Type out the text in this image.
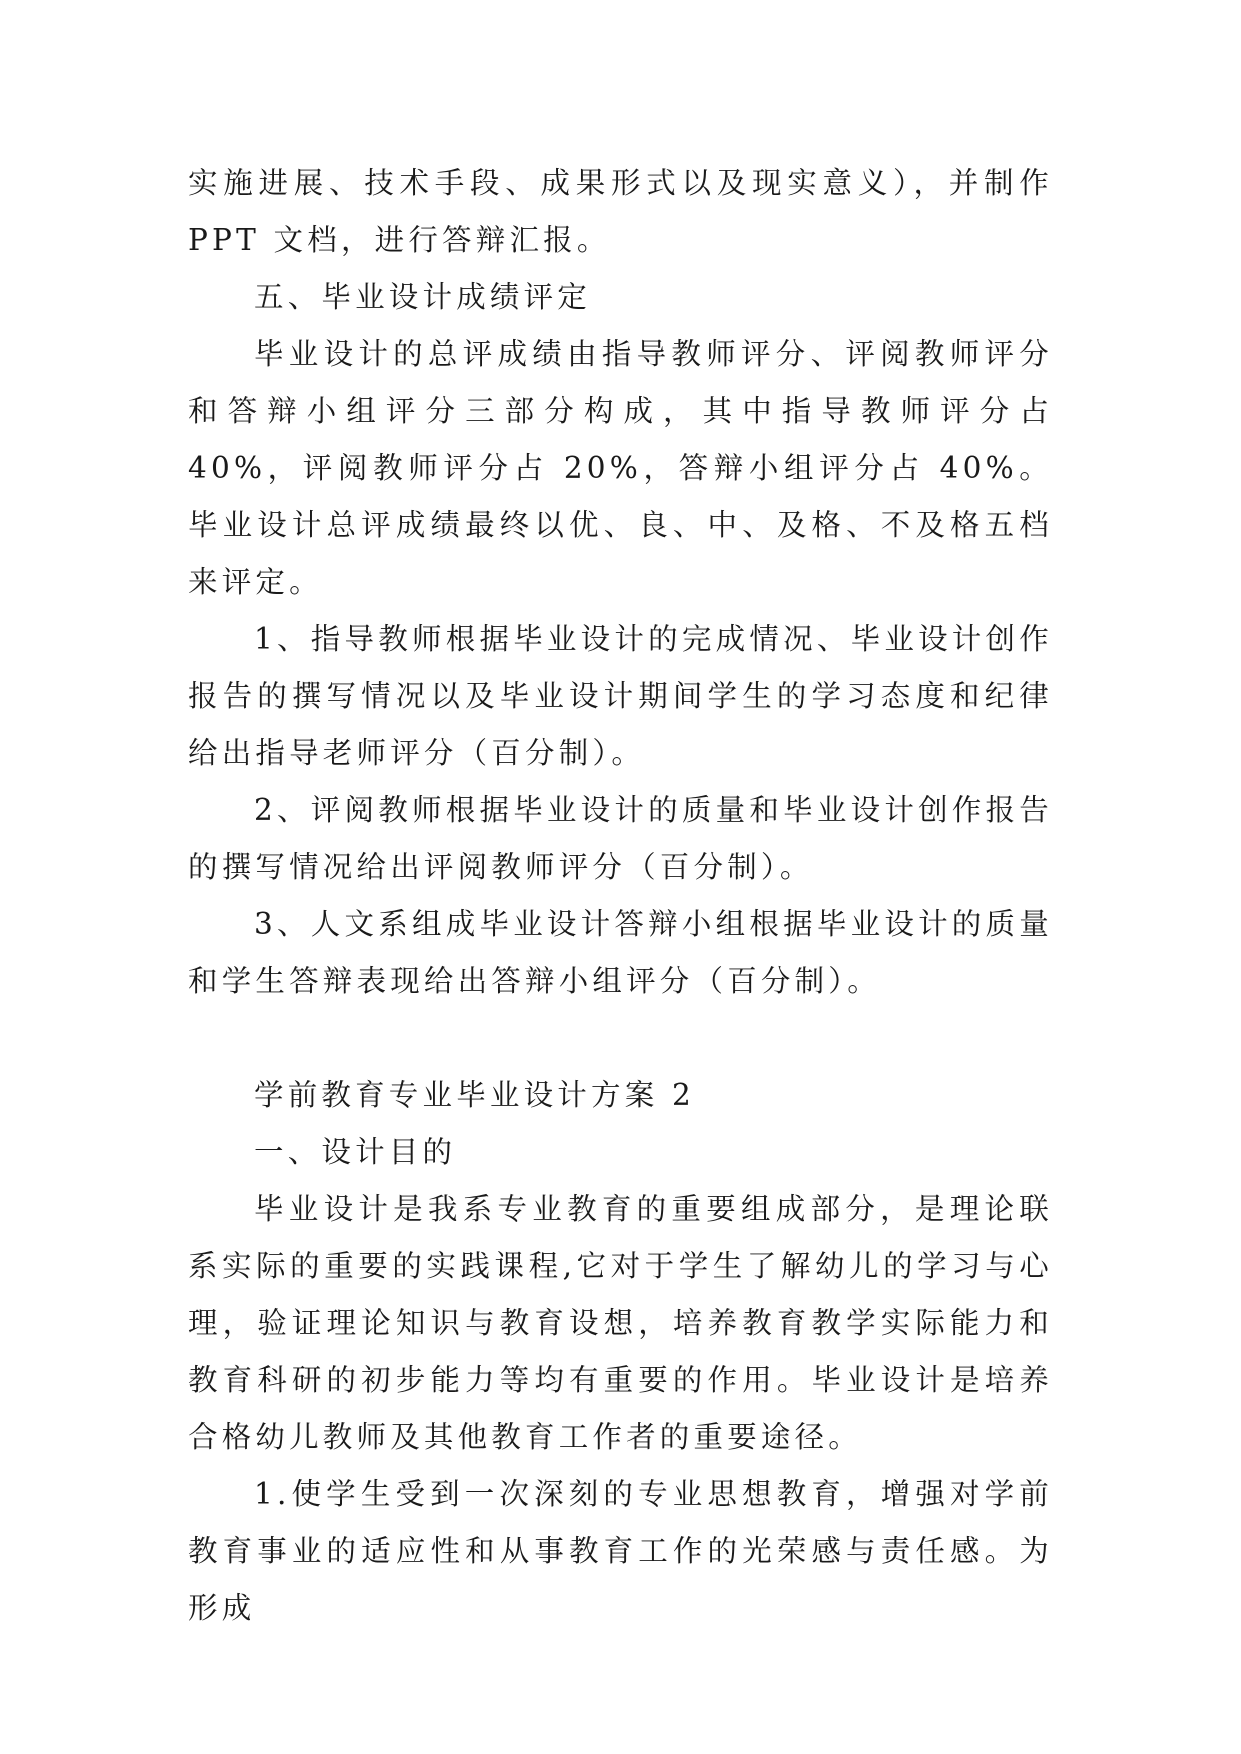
实施进展、技术手段、成果形式以及现实意义），并制作 PPT 文档，进行答辩汇报。

五、毕业设计成绩评定

毕业设计的总评成绩由指导教师评分、评阅教师评分和答辩小组评分三部分构成，其中指导教师评分占 40%，评阅教师评分占 20%，答辩小组评分占 40%。毕业设计总评成绩最终以优、良、中、及格、不及格五档来评定。

1、指导教师根据毕业设计的完成情况、毕业设计创作报告的撰写情况以及毕业设计期间学生的学习态度和纪律给出指导老师评分（百分制）。

2、评阅教师根据毕业设计的质量和毕业设计创作报告的撰写情况给出评阅教师评分（百分制）。

3、人文系组成毕业设计答辩小组根据毕业设计的质量和学生答辩表现给出答辩小组评分（百分制）。

学前教育专业毕业设计方案 2

一、设计目的

毕业设计是我系专业教育的重要组成部分，是理论联系实际的重要的实践课程,它对于学生了解幼儿的学习与心理，验证理论知识与教育设想，培养教育教学实际能力和教育科研的初步能力等均有重要的作用。毕业设计是培养合格幼儿教师及其他教育工作者的重要途径。

1.使学生受到一次深刻的专业思想教育，增强对学前教育事业的适应性和从事教育工作的光荣感与责任感。为形成
